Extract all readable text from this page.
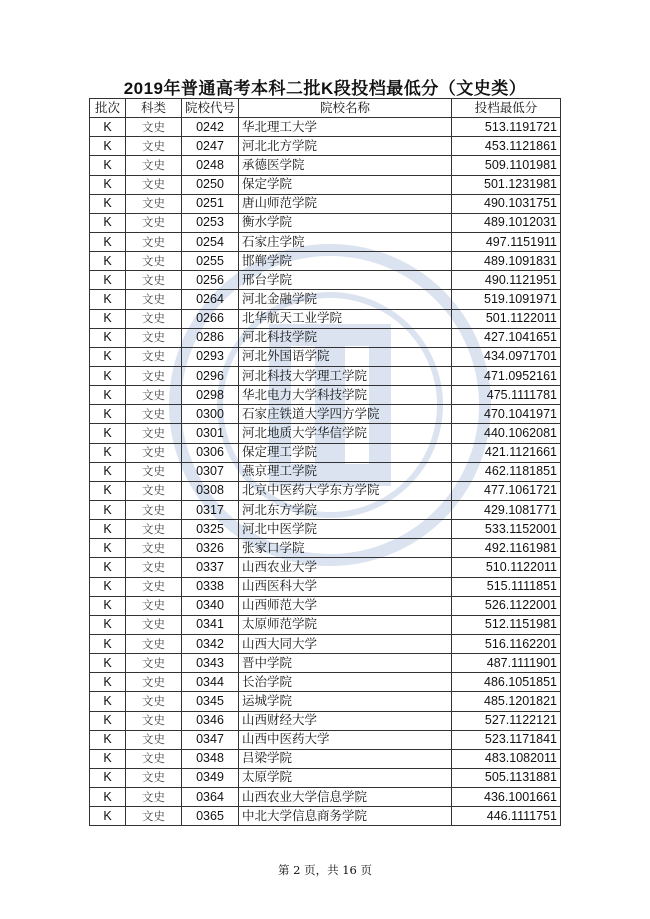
2019年普通高考本科二批K段投档最低分（文史类）
批次	科类	院校代号	院校名称	投档最低分
K	文史	0242	华北理工大学	513.1191721
K	文史	0247	河北北方学院	453.1121861
K	文史	0248	承德医学院	509.1101981
K	文史	0250	保定学院	501.1231981
K	文史	0251	唐山师范学院	490.1031751
K	文史	0253	衡水学院	489.1012031
K	文史	0254	石家庄学院	497.1151911
K	文史	0255	邯郸学院	489.1091831
K	文史	0256	邢台学院	490.1121951
K	文史	0264	河北金融学院	519.1091971
K	文史	0266	北华航天工业学院	501.1122011
K	文史	0286	河北科技学院	427.1041651
K	文史	0293	河北外国语学院	434.0971701
K	文史	0296	河北科技大学理工学院	471.0952161
K	文史	0298	华北电力大学科技学院	475.1111781
K	文史	0300	石家庄铁道大学四方学院	470.1041971
K	文史	0301	河北地质大学华信学院	440.1062081
K	文史	0306	保定理工学院	421.1121661
K	文史	0307	燕京理工学院	462.1181851
K	文史	0308	北京中医药大学东方学院	477.1061721
K	文史	0317	河北东方学院	429.1081771
K	文史	0325	河北中医学院	533.1152001
K	文史	0326	张家口学院	492.1161981
K	文史	0337	山西农业大学	510.1122011
K	文史	0338	山西医科大学	515.1111851
K	文史	0340	山西师范大学	526.1122001
K	文史	0341	太原师范学院	512.1151981
K	文史	0342	山西大同大学	516.1162201
K	文史	0343	晋中学院	487.1111901
K	文史	0344	长治学院	486.1051851
K	文史	0345	运城学院	485.1201821
K	文史	0346	山西财经大学	527.1122121
K	文史	0347	山西中医药大学	523.1171841
K	文史	0348	吕梁学院	483.1082011
K	文史	0349	太原学院	505.1131881
K	文史	0364	山西农业大学信息学院	436.1001661
K	文史	0365	中北大学信息商务学院	446.1111751
第 2 页，共 16 页
